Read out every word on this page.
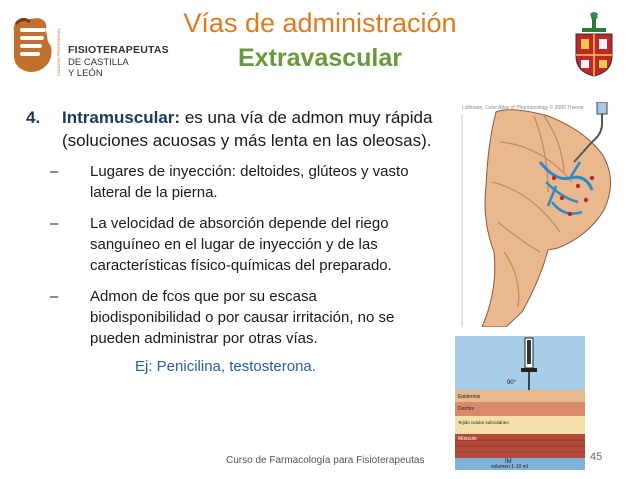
COLEGIO PROFESIONAL FISIOTERAPEUTAS
DE CASTILLA
Y LEÓN
Vías de administración
Extravascular
4. Intramuscular: es una vía de admon muy rápida (soluciones acuosas y más lenta en las oleosas).
– Lugares de inyección: deltoides, glúteos y vasto lateral de la pierna.
– La velocidad de absorción depende del riego sanguíneo en el lugar de inyección y de las características físico-químicas del preparado.
– Admon de fcos que por su escasa biodisponibilidad o por causar irritación, no se pueden administrar por otras vías.
Ej: Penicilina, testosterona.
Lüllmann, Color Atlas of Pharmacology © 2000 Thieme
90°
Epidermis
Dermis
Tejido celular subcutáneo
Músculo
IM
volumen 1-10 ml
Curso de Farmacología para Fisioterapeutas	45
